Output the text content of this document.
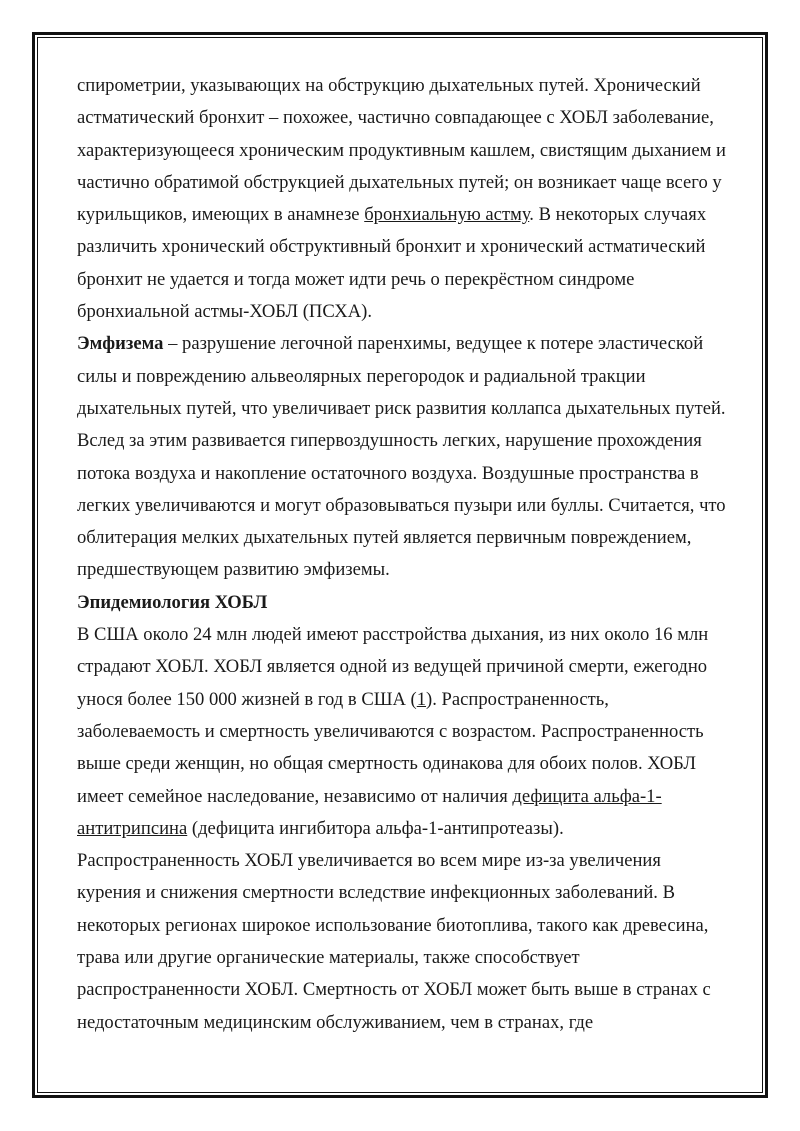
спирометрии, указывающих на обструкцию дыхательных путей. Хронический астматический бронхит – похожее, частично совпадающее с ХОБЛ заболевание, характеризующееся хроническим продуктивным кашлем, свистящим дыханием и частично обратимой обструкцией дыхательных путей; он возникает чаще всего у курильщиков, имеющих в анамнезе бронхиальную астму. В некоторых случаях различить хронический обструктивный бронхит и хронический астматический бронхит не удается и тогда может идти речь о перекрёстном синдроме бронхиальной астмы-ХОБЛ (ПСХА).

Эмфизема – разрушение легочной паренхимы, ведущее к потере эластической силы и повреждению альвеолярных перегородок и радиальной тракции дыхательных путей, что увеличивает риск развития коллапса дыхательных путей. Вслед за этим развивается гипервоздушность легких, нарушение прохождения потока воздуха и накопление остаточного воздуха. Воздушные пространства в легких увеличиваются и могут образовываться пузыри или буллы. Считается, что облитерация мелких дыхательных путей является первичным повреждением, предшествующем развитию эмфиземы.

Эпидемиология ХОБЛ

В США около 24 млн людей имеют расстройства дыхания, из них около 16 млн страдают ХОБЛ. ХОБЛ является одной из ведущей причиной смерти, ежегодно унося более 150 000 жизней в год в США (1). Распространенность, заболеваемость и смертность увеличиваются с возрастом. Распространенность выше среди женщин, но общая смертность одинакова для обоих полов. ХОБЛ имеет семейное наследование, независимо от наличия дефицита альфа-1-антитрипсина (дефицита ингибитора альфа-1-антипротеазы).

Распространенность ХОБЛ увеличивается во всем мире из-за увеличения курения и снижения смертности вследствие инфекционных заболеваний. В некоторых регионах широкое использование биотоплива, такого как древесина, трава или другие органические материалы, также способствует распространенности ХОБЛ. Смертность от ХОБЛ может быть выше в странах с недостаточным медицинским обслуживанием, чем в странах, где
